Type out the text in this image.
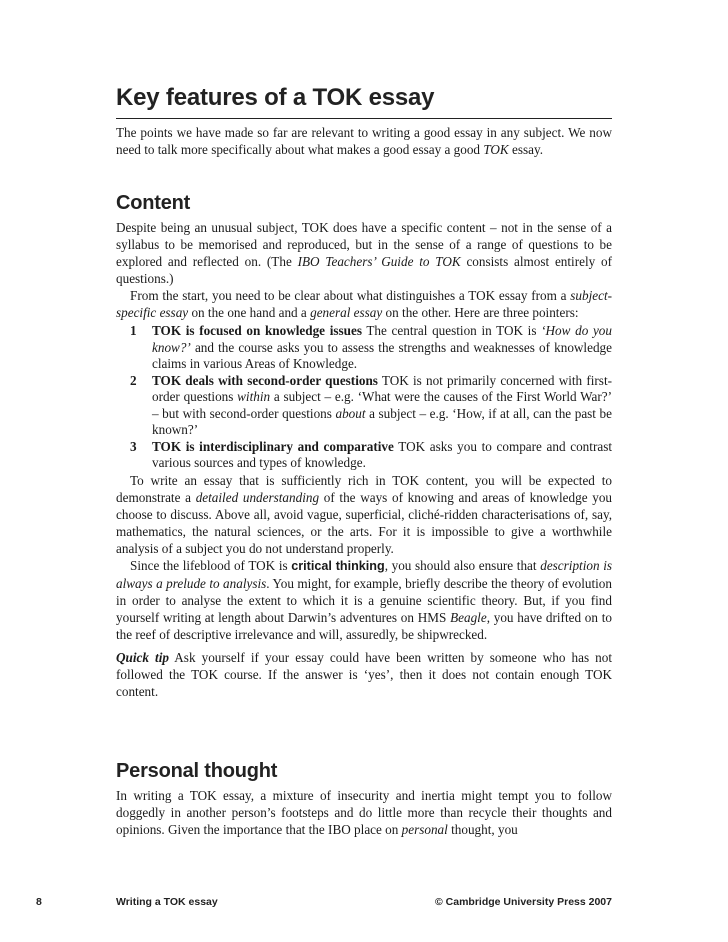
Key features of a TOK essay

The points we have made so far are relevant to writing a good essay in any subject. We now need to talk more specifically about what makes a good essay a good TOK essay.

Content

Despite being an unusual subject, TOK does have a specific content – not in the sense of a syllabus to be memorised and reproduced, but in the sense of a range of questions to be explored and reflected on. (The IBO Teachers’ Guide to TOK consists almost entirely of questions.)

From the start, you need to be clear about what distinguishes a TOK essay from a subject-specific essay on the one hand and a general essay on the other. Here are three pointers:

1 TOK is focused on knowledge issues The central question in TOK is ‘How do you know?’ and the course asks you to assess the strengths and weaknesses of knowledge claims in various Areas of Knowledge.
2 TOK deals with second-order questions TOK is not primarily concerned with first-order questions within a subject – e.g. ‘What were the causes of the First World War?’ – but with second-order questions about a subject – e.g. ‘How, if at all, can the past be known?’
3 TOK is interdisciplinary and comparative TOK asks you to compare and contrast various sources and types of knowledge.

To write an essay that is sufficiently rich in TOK content, you will be expected to demonstrate a detailed understanding of the ways of knowing and areas of knowledge you choose to discuss. Above all, avoid vague, superficial, cliché-ridden characterisations of, say, mathematics, the natural sciences, or the arts. For it is impossible to give a worthwhile analysis of a subject you do not understand properly.

Since the lifeblood of TOK is critical thinking, you should also ensure that description is always a prelude to analysis. You might, for example, briefly describe the theory of evolution in order to analyse the extent to which it is a genuine scientific theory. But, if you find yourself writing at length about Darwin’s adventures on HMS Beagle, you have drifted on to the reef of descriptive irrelevance and will, assuredly, be shipwrecked.

Quick tip Ask yourself if your essay could have been written by someone who has not followed the TOK course. If the answer is ‘yes’, then it does not contain enough TOK content.

Personal thought

In writing a TOK essay, a mixture of insecurity and inertia might tempt you to follow doggedly in another person’s footsteps and do little more than recycle their thoughts and opinions. Given the importance that the IBO place on personal thought, you

8	Writing a TOK essay	© Cambridge University Press 2007
